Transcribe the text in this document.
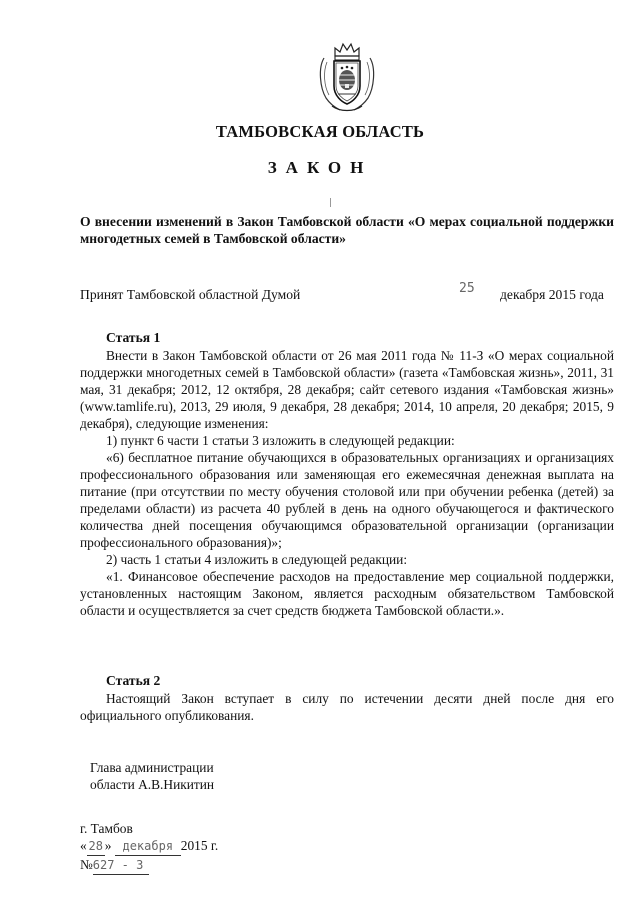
ТАМБОВСКАЯ ОБЛАСТЬ
ЗАКОН
О внесении изменений в Закон Тамбовской области «О мерах социальной поддержки многодетных семей в Тамбовской области»
Принят Тамбовской областной Думой	25 декабря 2015 года
Статья 1

Внести в Закон Тамбовской области от 26 мая 2011 года № 11-З «О мерах социальной поддержки многодетных семей в Тамбовской области» (газета «Тамбовская жизнь», 2011, 31 мая, 31 декабря; 2012, 12 октября, 28 декабря; сайт сетевого издания «Тамбовская жизнь» (www.tamlife.ru), 2013, 29 июля, 9 декабря, 28 декабря; 2014, 10 апреля, 20 декабря; 2015, 9 декабря), следующие изменения:

1) пункт 6 части 1 статьи 3 изложить в следующей редакции:

«6) бесплатное питание обучающихся в образовательных организациях и организациях профессионального образования или заменяющая его ежемесячная денежная выплата на питание (при отсутствии по месту обучения столовой или при обучении ребенка (детей) за пределами области) из расчета 40 рублей в день на одного обучающегося и фактического количества дней посещения обучающимся образовательной организации (организации профессионального образования)»;

2) часть 1 статьи 4 изложить в следующей редакции:

«1. Финансовое обеспечение расходов на предоставление мер социальной поддержки, установленных настоящим Законом, является расходным обязательством Тамбовской области и осуществляется за счет средств бюджета Тамбовской области.».

Статья 2

Настоящий Закон вступает в силу по истечении десяти дней после дня его официального опубликования.

Глава администрации
области А.В.Никитин
г. Тамбов
« 28 » декабря 2015 г.
№627 - З
